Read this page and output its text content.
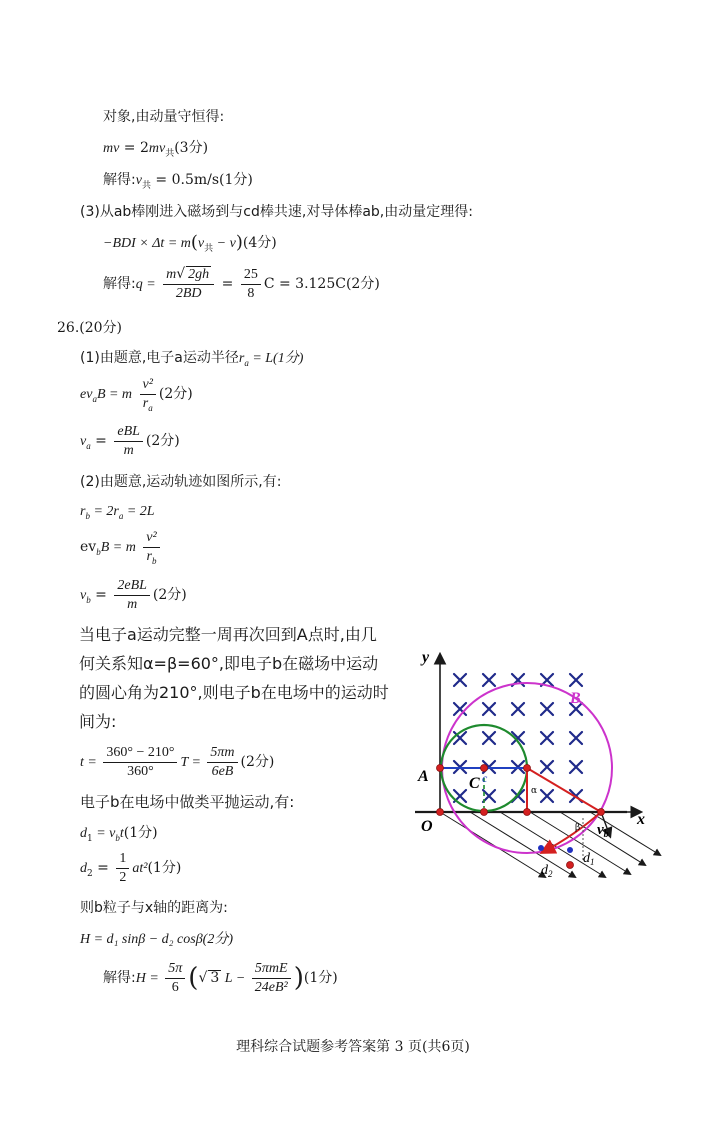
对象,由动量守恒得:
mv = $2mv_共(3$分)
解得$:v_共 = 0.5m/s(1$分)
(3)从ab棒刚进入磁场到与cd棒共速,对导体棒ab,由动量定理得:
$-BDI \times \Delta t = m(v_共 - v)(4$分)
解得:q = $\frac{m√ 2gh}{2BD} = \frac{25}{8}$ C = 3.125C(2分)
26.(20分)
(1)由题意,电子a运动半径$r_a = L(1$分)
$ev_aB = m \frac{\text{v²}}{r_a} (2$分)
$v_a = \frac{\text{eBL}}{m} (2$分)
(2)由题意,运动轨迹如图所示,有:
$r_b = 2r_a = 2L$
$ev_bB = m \frac{\text{v²}}{r_b}$
$v_b = \frac{\text{2eBL}}{m} (2$分)
当电子a运动完整一周再次回到A点时,由几何关系知α=β=60°,即电子b在磁场中运动的圆心角为210°,则电子b在电场中的运动时间为:
$t = \frac{360^\circ - 210^\circ}{360^\circ}$ $T = \frac{5\pi m}{6eB} (2$分)
电子b在电场中做类平抛运动,有:
$d_1 = v_bt(1$分)
$d_2 = \frac{1}{2} at^2(1$分)
则b粒子与x轴的距离为:
H = d₁ sinβ − d₂ cosβ(2分)
解得:H = $\frac{5\pi}{6}$ (√ 3 $L - \frac{\text{5πmE}}{\text{24eB²}} )(1$分)
y
x
O
A	C c
B
α
β $v_b$
$d_1$
$d_2$
理科综合试题参考答案第 3 页(共6页)
